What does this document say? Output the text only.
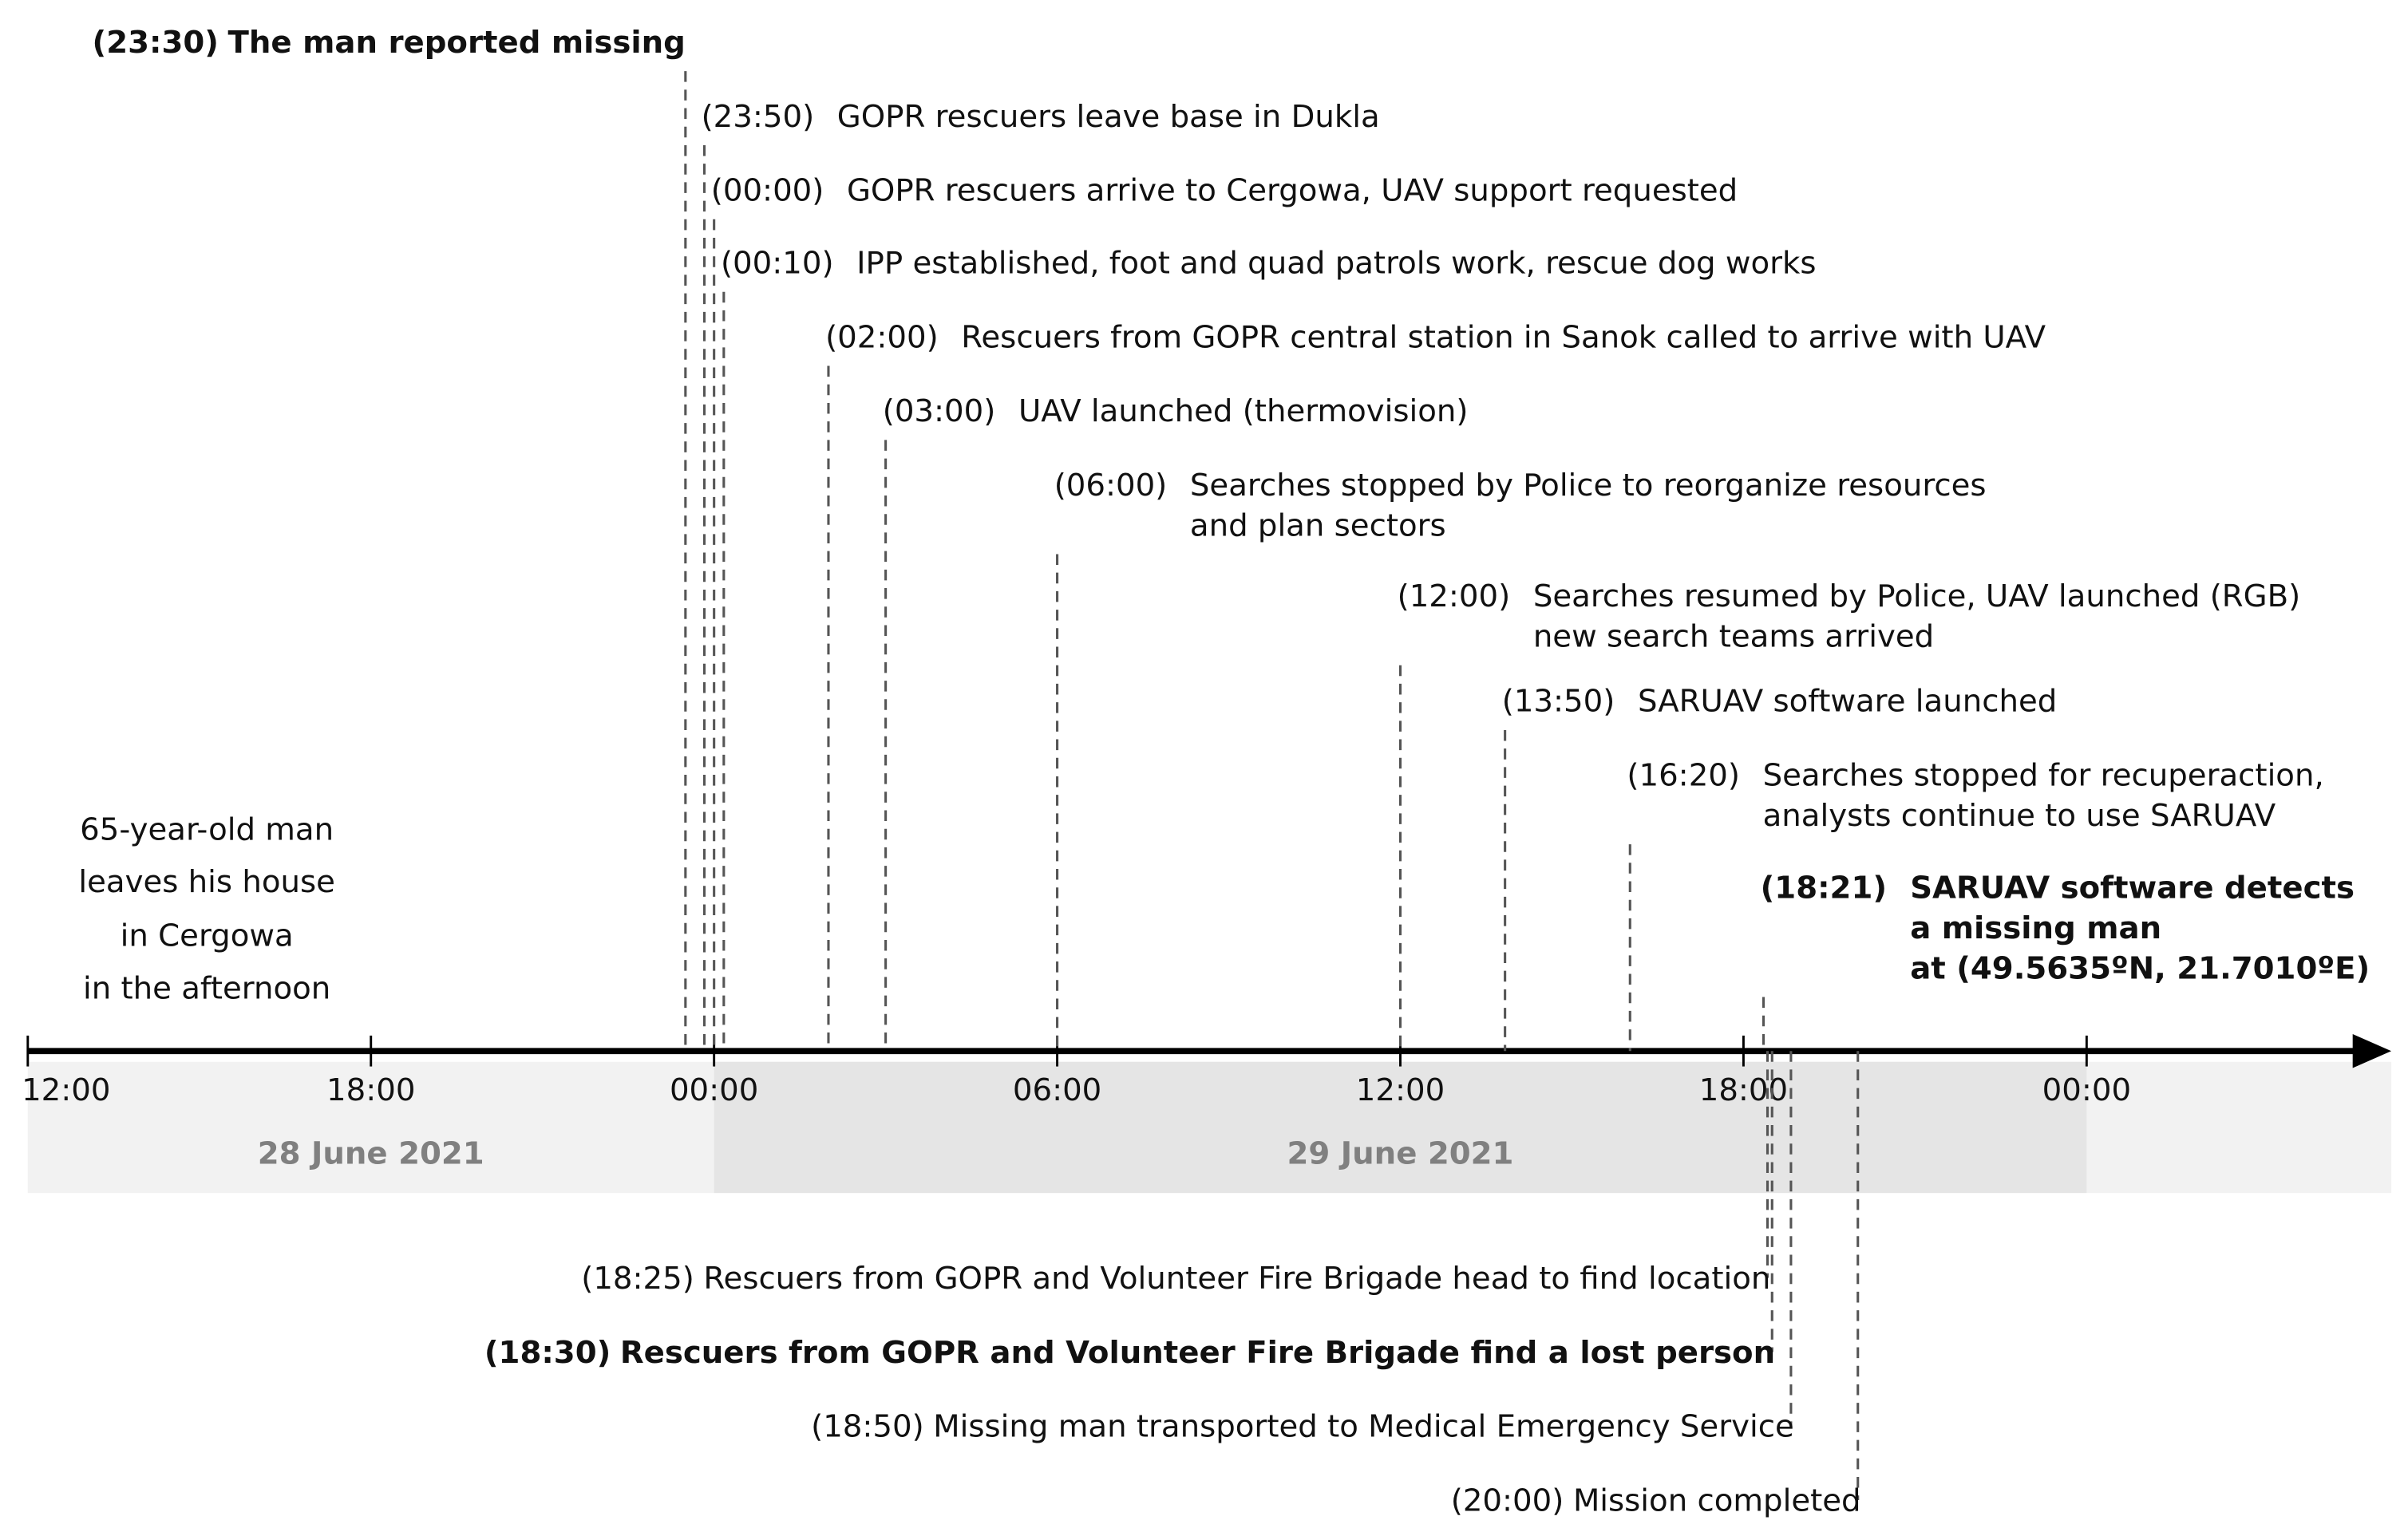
28 June 2021	29 June 2021
12:00	18:00	00:00	06:00	12:00	18:00	00:00
65-year-old man
leaves his house
in Cergowa
in the afternoon
The man reported missing
(23:30)
(23:50) GOPR rescuers leave base in Dukla
(00:00) GOPR rescuers arrive to Cergowa, UAV support requested
(00:10) IPP established, foot and quad patrols work, rescue dog works
(02:00) Rescuers from GOPR central station in Sanok called to arrive with UAV
(03:00) UAV launched (thermovision)
(06:00) Searches stopped by Police to reorganize resources
and plan sectors
(12:00) Searches resumed by Police, UAV launched (RGB)
new search teams arrived
(13:50) SARUAV software launched
(16:20) Searches stopped for recuperaction,
analysts continue to use SARUAV
(18:21) SARUAV software detects
a missing man
at (49.5635ºN, 21.7010ºE)
Rescuers from GOPR and Volunteer Fire Brigade head to find location
(18:25)
Rescuers from GOPR and Volunteer Fire Brigade find a lost person
(18:30)
Missing man transported to Medical Emergency Service
(18:50)
Mission completed
(20:00)
